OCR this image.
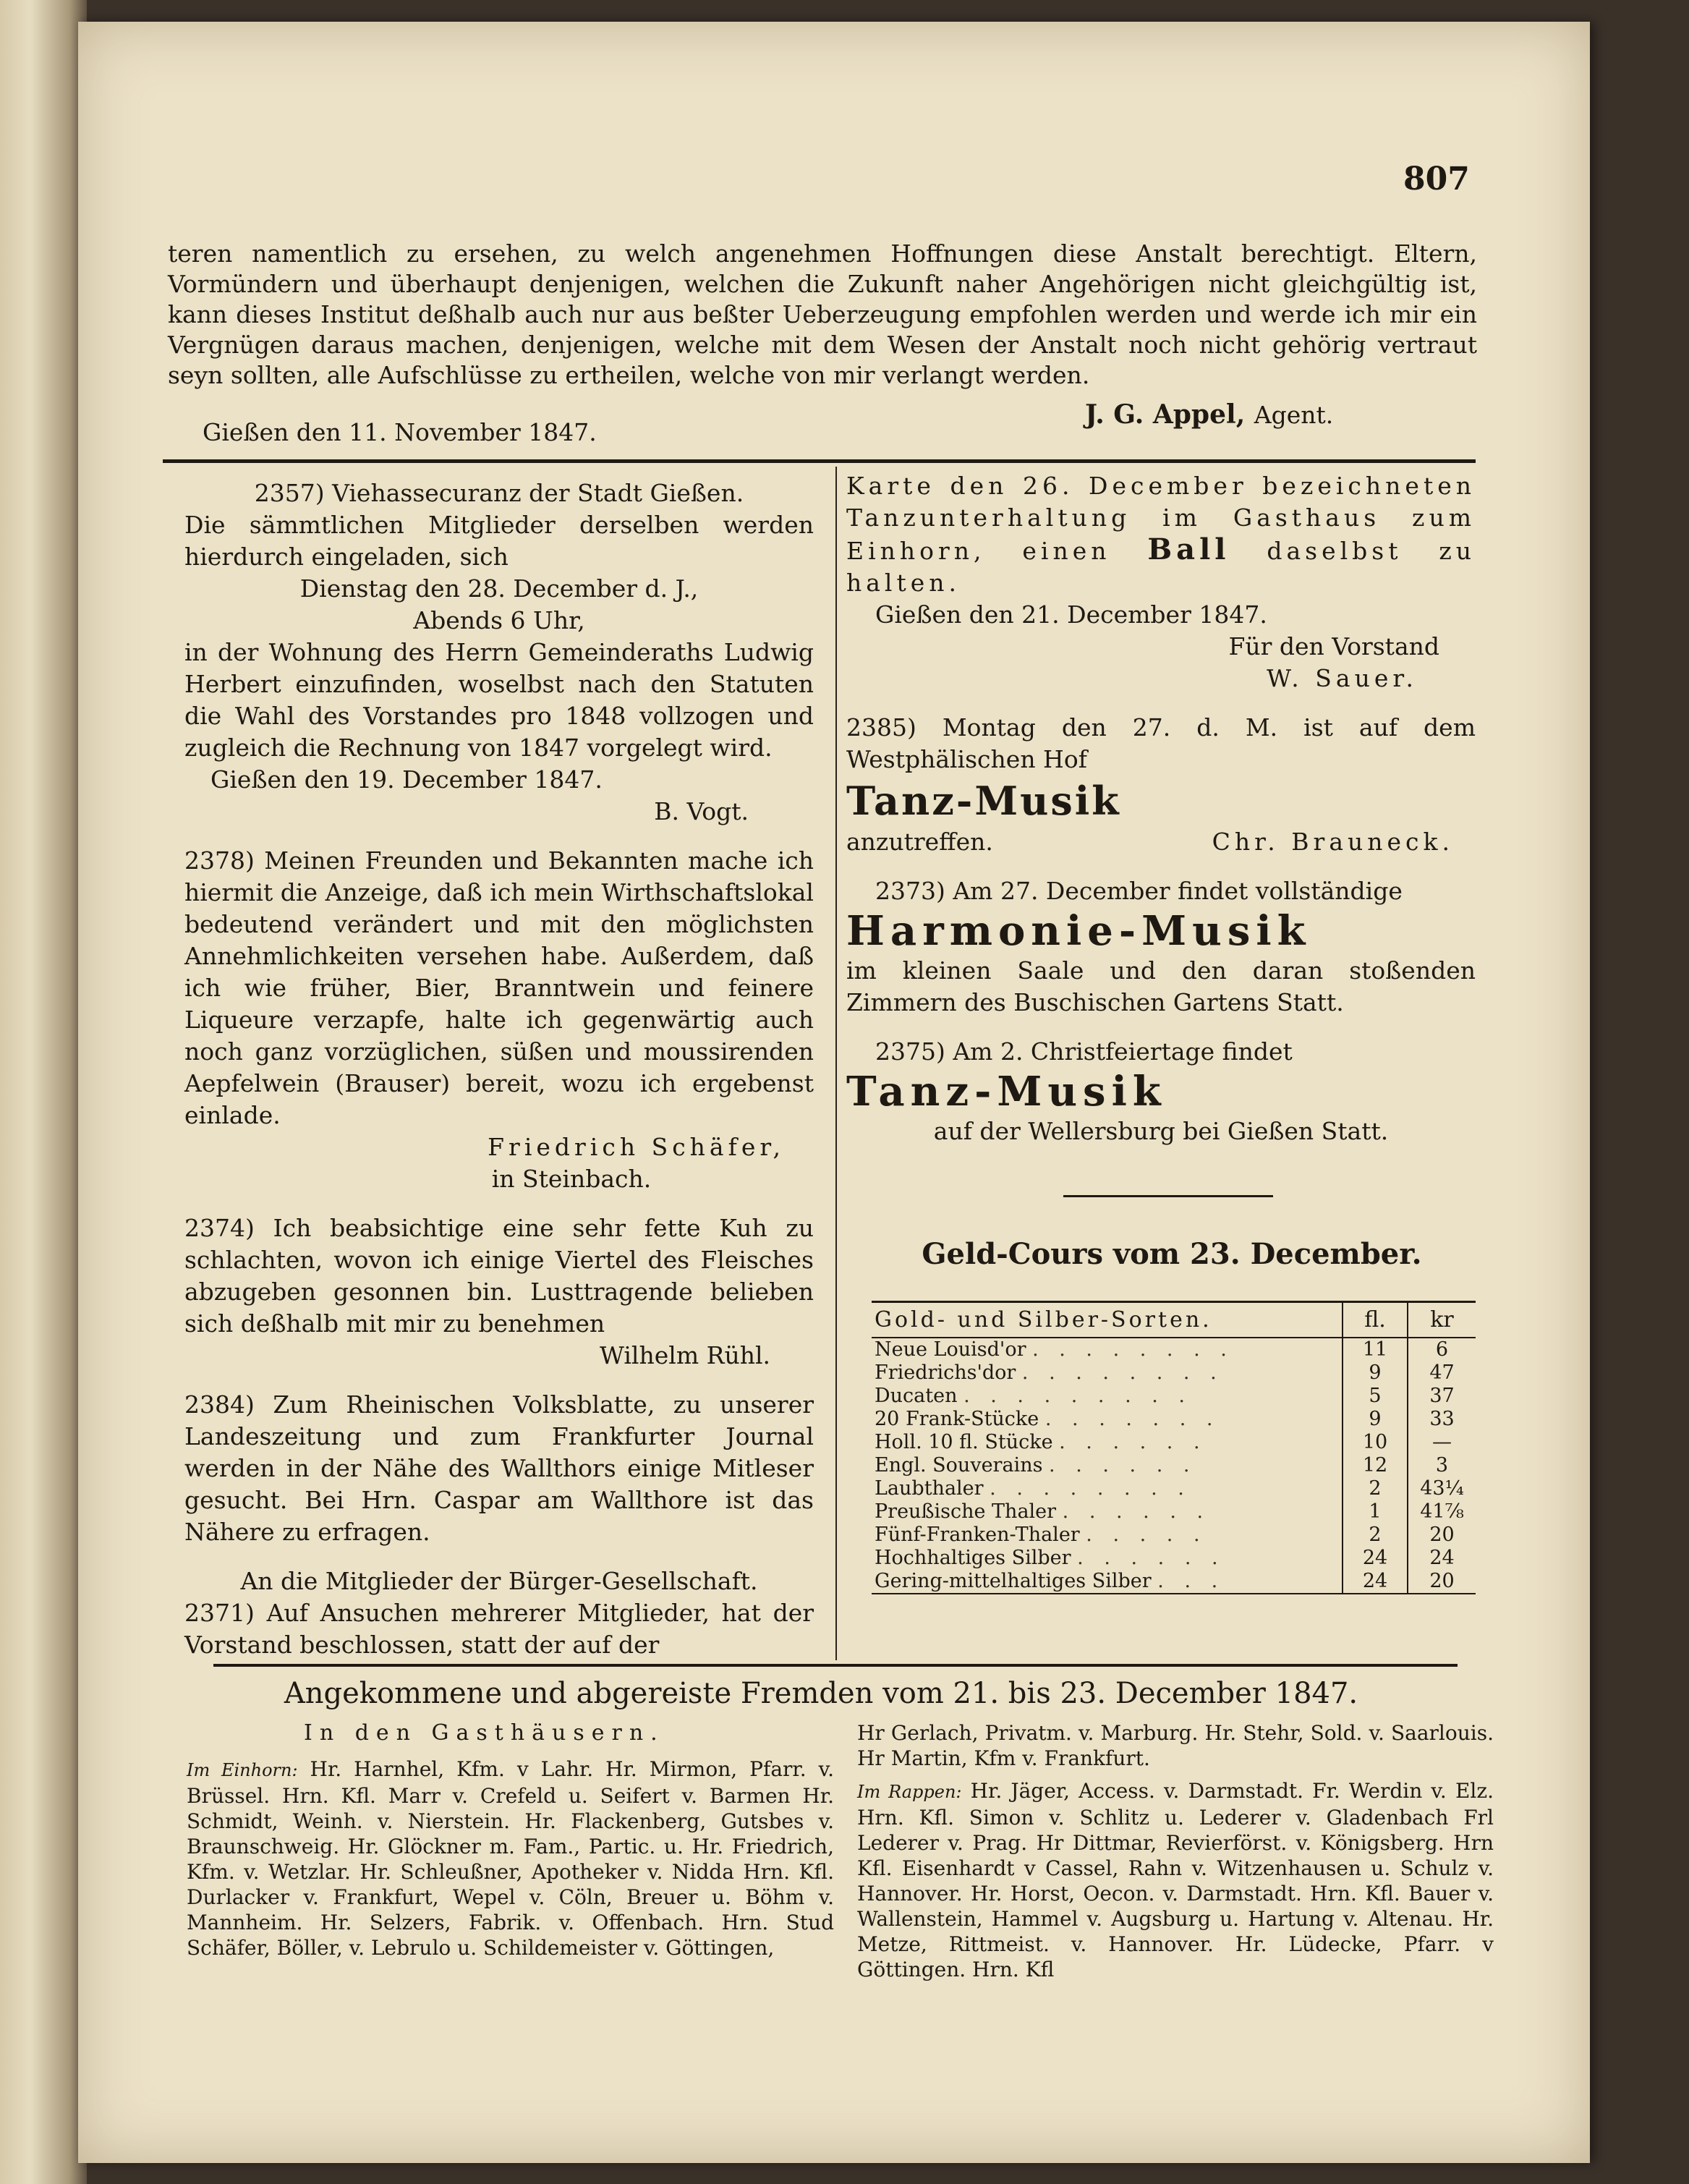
807

teren namentlich zu ersehen, zu welch angenehmen Hoffnungen diese Anstalt berechtigt. Eltern, Vormündern und überhaupt denjenigen, welchen die Zukunft naher Angehörigen nicht gleichgültig ist, kann dieses Institut deßhalb auch nur aus beßter Ueberzeugung empfohlen werden und werde ich mir ein Vergnügen daraus machen, denjenigen, welche mit dem Wesen der Anstalt noch nicht gehörig vertraut seyn sollten, alle Aufschlüsse zu ertheilen, welche von mir verlangt werden.

Gießen den 11. November 1847.
J. G. Appel, Agent.

2357) Viehassecuranz der Stadt Gießen.

Die sämmtlichen Mitglieder derselben werden hierdurch eingeladen, sich

Dienstag den 28. December d. J.,

Abends 6 Uhr,

in der Wohnung des Herrn Gemeinderaths Ludwig Herbert einzufinden, woselbst nach den Statuten die Wahl des Vorstandes pro 1848 vollzogen und zugleich die Rechnung von 1847 vorgelegt wird.

Gießen den 19. December 1847.

B. Vogt.

2378) Meinen Freunden und Bekannten mache ich hiermit die Anzeige, daß ich mein Wirthschaftslokal bedeutend verändert und mit den möglichsten Annehmlichkeiten versehen habe. Außerdem, daß ich wie früher, Bier, Branntwein und feinere Liqueure verzapfe, halte ich gegenwärtig auch noch ganz vorzüglichen, süßen und moussirenden Aepfelwein (Brauser) bereit, wozu ich ergebenst einlade.

Friedrich Schäfer,

in Steinbach.

2374) Ich beabsichtige eine sehr fette Kuh zu schlachten, wovon ich einige Viertel des Fleisches abzugeben gesonnen bin. Lusttragende belieben sich deßhalb mit mir zu benehmen

Wilhelm Rühl.

2384) Zum Rheinischen Volksblatte, zu unserer Landeszeitung und zum Frankfurter Journal werden in der Nähe des Wallthors einige Mitleser gesucht. Bei Hrn. Caspar am Wallthore ist das Nähere zu erfragen.

An die Mitglieder der Bürger-Gesellschaft.

2371) Auf Ansuchen mehrerer Mitglieder, hat der Vorstand beschlossen, statt der auf der

Karte den 26. December bezeichneten Tanzunterhaltung im Gasthaus zum Einhorn, einen Ball daselbst zu halten.

Gießen den 21. December 1847.

Für den Vorstand

W. Sauer.

2385) Montag den 27. d. M. ist auf dem Westphälischen Hof

Tanz-Musik

anzutreffen.	Chr. Brauneck.

2373) Am 27. December findet vollständige

Harmonie-Musik

im kleinen Saale und den daran stoßenden Zimmern des Buschischen Gartens Statt.

2375) Am 2. Christfeiertage findet

Tanz-Musik

auf der Wellersburg bei Gießen Statt.

Geld-Cours vom 23. December.
Gold- und Silber-Sorten.	fl.	kr
Neue Louisd'or . . . . . . . .	11	6
Friedrichs'dor . . . . . . . .	9	47
Ducaten . . . . . . . . .	5	37
20 Frank-Stücke . . . . . . .	9	33
Holl. 10 fl. Stücke . . . . . .	10	—
Engl. Souverains . . . . . .	12	3
Laubthaler . . . . . . . .	2	43¼
Preußische Thaler . . . . . .	1	41⅞
Fünf-Franken-Thaler . . . . .	2	20
Hochhaltiges Silber . . . . . .	24	24
Gering-mittelhaltiges Silber . . .	24	20
Angekommene und abgereiste Fremden vom 21. bis 23. December 1847.
In den Gasthäusern.

Im Einhorn: Hr. Harnhel, Kfm. v Lahr. Hr. Mirmon, Pfarr. v. Brüssel. Hrn. Kfl. Marr v. Crefeld u. Seifert v. Barmen Hr. Schmidt, Weinh. v. Nierstein. Hr. Flackenberg, Gutsbes v. Braunschweig. Hr. Glöckner m. Fam., Partic. u. Hr. Friedrich, Kfm. v. Wetzlar. Hr. Schleußner, Apotheker v. Nidda Hrn. Kfl. Durlacker v. Frankfurt, Wepel v. Cöln, Breuer u. Böhm v. Mannheim. Hr. Selzers, Fabrik. v. Offenbach. Hrn. Stud Schäfer, Böller, v. Lebrulo u. Schildemeister v. Göttingen,

Hr Gerlach, Privatm. v. Marburg. Hr. Stehr, Sold. v. Saarlouis. Hr Martin, Kfm v. Frankfurt.

Im Rappen: Hr. Jäger, Access. v. Darmstadt. Fr. Werdin v. Elz. Hrn. Kfl. Simon v. Schlitz u. Lederer v. Gladenbach Frl Lederer v. Prag. Hr Dittmar, Revierförst. v. Königsberg. Hrn Kfl. Eisenhardt v Cassel, Rahn v. Witzenhausen u. Schulz v. Hannover. Hr. Horst, Oecon. v. Darmstadt. Hrn. Kfl. Bauer v. Wallenstein, Hammel v. Augsburg u. Hartung v. Altenau. Hr. Metze, Rittmeist. v. Hannover. Hr. Lüdecke, Pfarr. v Göttingen. Hrn. Kfl
